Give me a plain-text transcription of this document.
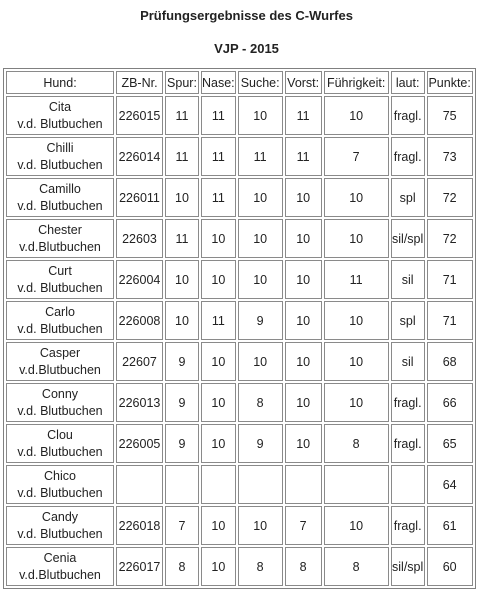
Prüfungsergebnisse des C-Wurfes
VJP - 2015
Hund:	ZB-Nr.	Spur:	Nase:	Suche:	Vorst:	Führigkeit:	laut:	Punkte:

Cita
v.d. Blutbuchen	226015	11	11	10	11	10	fragl.	75

Chilli
v.d. Blutbuchen	226014	11	11	11	11	7	fragl.	73

Camillo
v.d. Blutbuchen	226011	10	11	10	10	10	spl	72

Chester
v.d.Blutbuchen	22603	11	10	10	10	10	sil/spl	72

Curt
v.d. Blutbuchen	226004	10	10	10	10	11	sil	71

Carlo
v.d. Blutbuchen	226008	10	11	9	10	10	spl	71

Casper
v.d.Blutbuchen	22607	9	10	10	10	10	sil	68

Conny
v.d. Blutbuchen	226013	9	10	8	10	10	fragl.	66

Clou
v.d. Blutbuchen	226005	9	10	9	10	8	fragl.	65

Chico
v.d. Blutbuchen								64

Candy
v.d. Blutbuchen	226018	7	10	10	7	10	fragl.	61

Cenia
v.d.Blutbuchen	226017	8	10	8	8	8	sil/spl	60
